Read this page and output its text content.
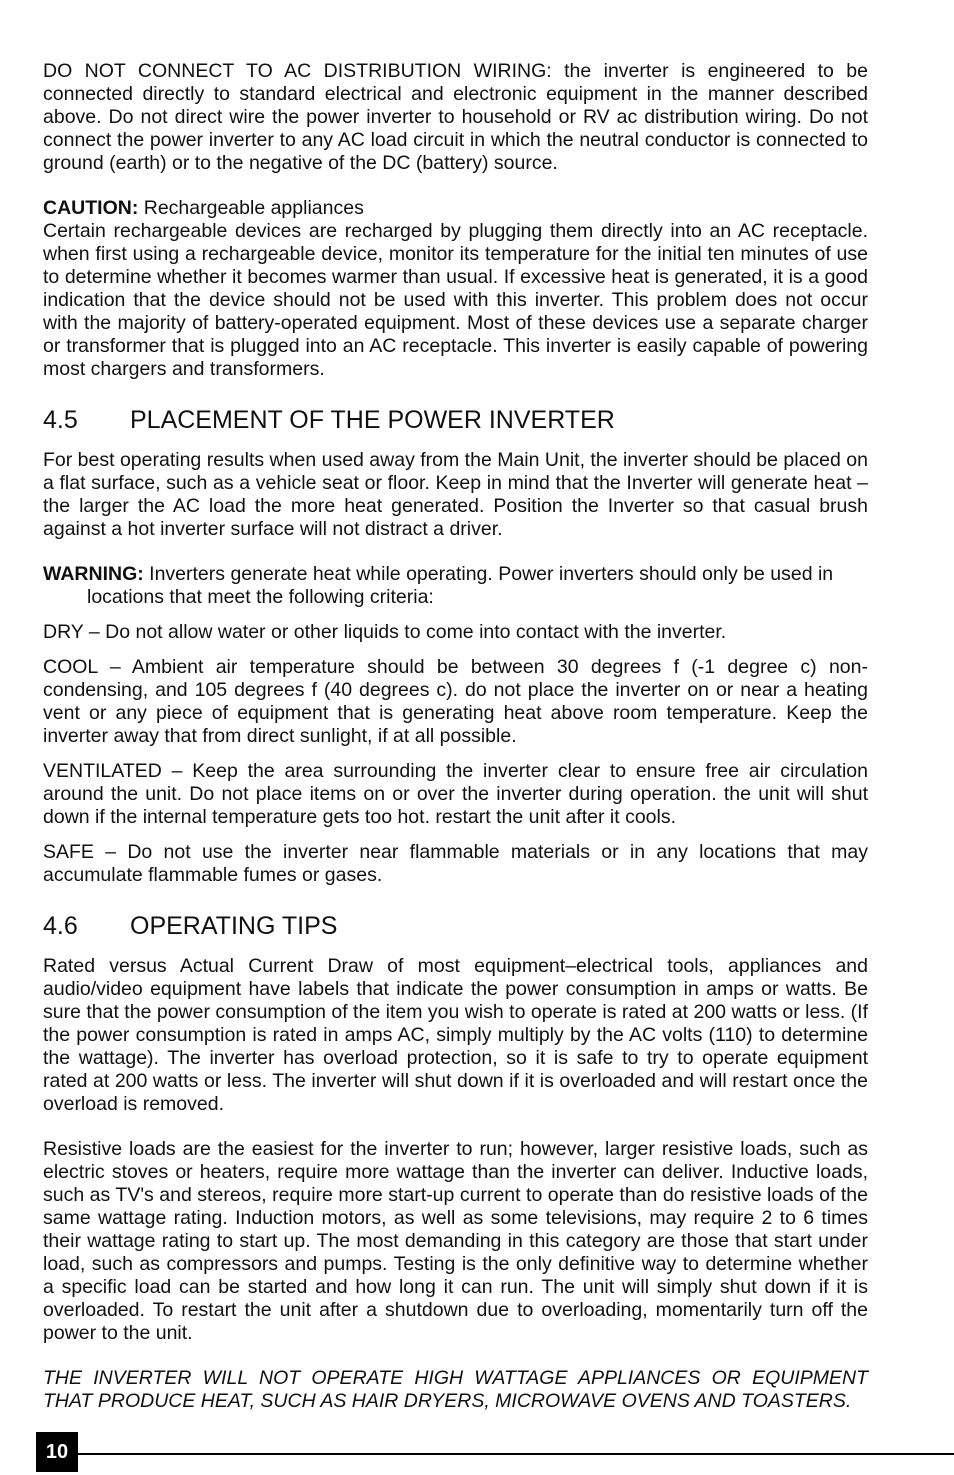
DO NOT CONNECT TO AC DISTRIBUTION WIRING: the inverter is engineered to be connected directly to standard electrical and electronic equipment in the manner described above. Do not direct wire the power inverter to household or RV ac distribution wiring. Do not connect the power inverter to any AC load circuit in which the neutral conductor is connected to ground (earth) or to the negative of the DC (battery) source.

CAUTION: Rechargeable appliances

Certain rechargeable devices are recharged by plugging them directly into an AC receptacle. when first using a rechargeable device, monitor its temperature for the initial ten minutes of use to determine whether it becomes warmer than usual. If excessive heat is generated, it is a good indication that the device should not be used with this inverter. This problem does not occur with the majority of battery-operated equipment. Most of these devices use a separate charger or transformer that is plugged into an AC receptacle. This inverter is easily capable of powering most chargers and transformers.

4.5	PLACEMENT OF THE POWER INVERTER

For best operating results when used away from the Main Unit, the inverter should be placed on a flat surface, such as a vehicle seat or floor. Keep in mind that the Inverter will generate heat – the larger the AC load the more heat generated. Position the Inverter so that casual brush against a hot inverter surface will not distract a driver.

WARNING: Inverters generate heat while operating. Power inverters should only be used in
locations that meet the following criteria:

DRY – Do not allow water or other liquids to come into contact with the inverter.

COOL – Ambient air temperature should be between 30 degrees f (-1 degree c) non-condensing, and 105 degrees f (40 degrees c). do not place the inverter on or near a heating vent or any piece of equipment that is generating heat above room temperature. Keep the inverter away that from direct sunlight, if at all possible.

VENTILATED – Keep the area surrounding the inverter clear to ensure free air circulation around the unit. Do not place items on or over the inverter during operation. the unit will shut down if the internal temperature gets too hot. restart the unit after it cools.

SAFE – Do not use the inverter near flammable materials or in any locations that may accumulate flammable fumes or gases.

4.6	OPERATING TIPS

Rated versus Actual Current Draw of most equipment–electrical tools, appliances and audio/video equipment have labels that indicate the power consumption in amps or watts. Be sure that the power consumption of the item you wish to operate is rated at 200 watts or less. (If the power consumption is rated in amps AC, simply multiply by the AC volts (110) to determine the wattage). The inverter has overload protection, so it is safe to try to operate equipment rated at 200 watts or less. The inverter will shut down if it is overloaded and will restart once the overload is removed.

Resistive loads are the easiest for the inverter to run; however, larger resistive loads, such as electric stoves or heaters, require more wattage than the inverter can deliver. Inductive loads, such as TV's and stereos, require more start-up current to operate than do resistive loads of the same wattage rating. Induction motors, as well as some televisions, may require 2 to 6 times their wattage rating to start up. The most demanding in this category are those that start under load, such as compressors and pumps. Testing is the only definitive way to determine whether a specific load can be started and how long it can run. The unit will simply shut down if it is overloaded. To restart the unit after a shutdown due to overloading, momentarily turn off the power to the unit.

THE INVERTER WILL NOT OPERATE HIGH WATTAGE APPLIANCES OR EQUIPMENT THAT PRODUCE HEAT, SUCH AS HAIR DRYERS, MICROWAVE OVENS AND TOASTERS.

10
